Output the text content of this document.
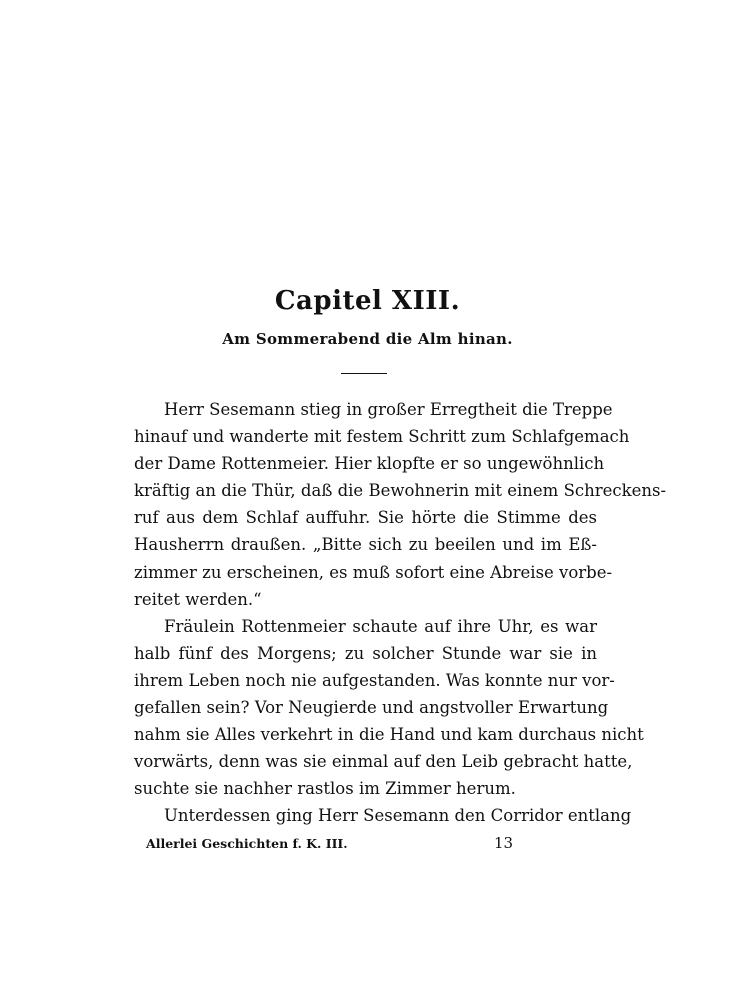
Capitel XIII.
Am Sommerabend die Alm hinan.
Herr Sesemann stieg in großer Erregtheit die Treppe
hinauf und wanderte mit festem Schritt zum Schlafgemach
der Dame Rottenmeier. Hier klopfte er so ungewöhnlich
kräftig an die Thür, daß die Bewohnerin mit einem Schreckens-
ruf aus dem Schlaf auffuhr. Sie hörte die Stimme des
Hausherrn draußen. „Bitte sich zu beeilen und im Eß-
zimmer zu erscheinen, es muß sofort eine Abreise vorbe-
reitet werden.“
Fräulein Rottenmeier schaute auf ihre Uhr, es war
halb fünf des Morgens; zu solcher Stunde war sie in
ihrem Leben noch nie aufgestanden. Was konnte nur vor-
gefallen sein? Vor Neugierde und angstvoller Erwartung
nahm sie Alles verkehrt in die Hand und kam durchaus nicht
vorwärts, denn was sie einmal auf den Leib gebracht hatte,
suchte sie nachher rastlos im Zimmer herum.
Unterdessen ging Herr Sesemann den Corridor entlang
Allerlei Geschichten f. K. III.	13
